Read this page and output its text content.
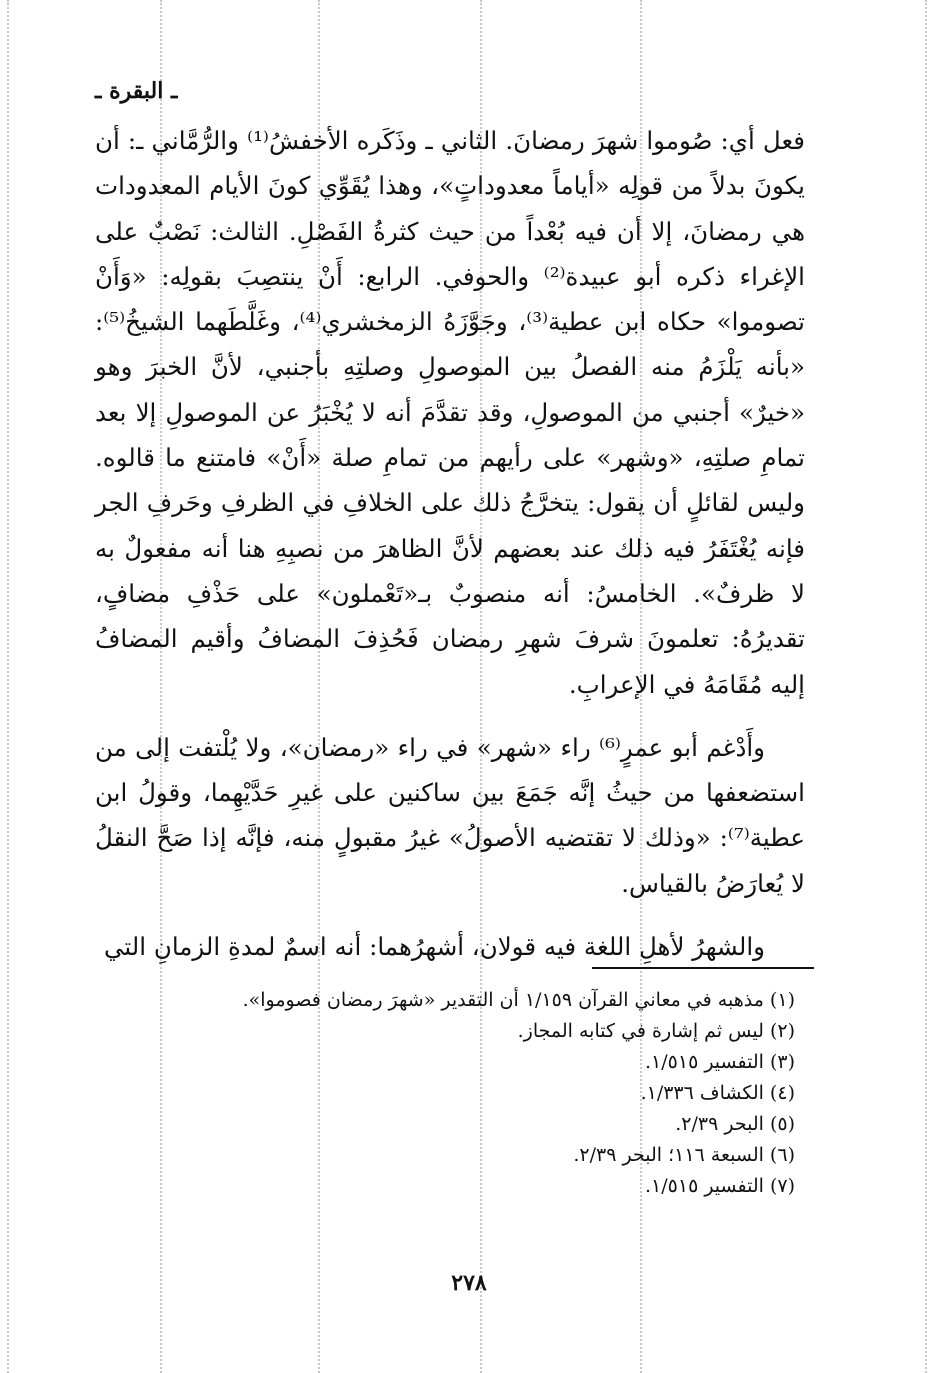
ـ البقرة ـ

فعل أي: صُوموا شهرَ رمضانَ. الثاني ـ وذَكَره الأخفشُ⁽¹⁾ والرُّمَّاني ـ: أن يكونَ بدلاً من قولِه «أياماً معدوداتٍ»، وهذا يُقَوِّي كونَ الأيام المعدودات هي رمضانَ، إلا أن فيه بُعْداً من حيث كثرةُ الفَصْلِ. الثالث: نَصْبٌ على الإغراء ذكره أبو عبيدة⁽²⁾ والحوفي. الرابع: أَنْ ينتصِبَ بقولِه: «وَأَنْ تصوموا» حكاه ابن عطية⁽³⁾، وجَوَّزَهُ الزمخشري⁽⁴⁾، وغَلَّطَهما الشيخُ⁽⁵⁾: «بأنه يَلْزَمُ منه الفصلُ بين الموصولِ وصلتِهِ بأجنبي، لأنَّ الخبرَ وهو «خيرٌ» أجنبي من الموصولِ، وقد تقدَّمَ أنه لا يُخْبَرُ عن الموصولِ إلا بعد تمامِ صلتِهِ، «وشهر» على رأيهم من تمامِ صلة «أَنْ» فامتنع ما قالوه. وليس لقائلٍ أن يقول: يتخرَّجُ ذلك على الخلافِ في الظرفِ وحَرفِ الجر فإنه يُغْتَفَرُ فيه ذلك عند بعضهم لأنَّ الظاهرَ من نصبِهِ هنا أنه مفعولٌ به لا ظرفٌ». الخامسُ: أنه منصوبٌ بـ«تَعْملون» على حَذْفِ مضافٍ، تقديرُهُ: تعلمونَ شرفَ شهرِ رمضان فَحُذِفَ المضافُ وأقيم المضافُ إليه مُقَامَهُ في الإعرابِ.

وأَدْغم أبو عمرٍ⁽⁶⁾ راء «شهر» في راء «رمضان»، ولا يُلْتفت إلى من استضعفها من حيثُ إنَّه جَمَعَ بين ساكنين على غيرِ حَدَّيْهِما، وقولُ ابن عطية⁽⁷⁾: «وذلك لا تقتضيه الأصولُ» غيرُ مقبولٍ منه، فإنَّه إذا صَحَّ النقلُ لا يُعارَضُ بالقياس.

والشهرُ لأهلِ اللغة فيه قولان، أشهرُهما: أنه اسمٌ لمدةِ الزمانِ التي

(١) مذهبه في معاني القرآن ١/١٥٩ أن التقدير «شهرَ رمضان فصوموا».
(٢) ليس ثم إشارة في كتابه المجاز.
(٣) التفسير ١/٥١٥.
(٤) الكشاف ١/٣٣٦.
(٥) البحر ٢/٣٩.
(٦) السبعة ١١٦؛ البحر ٢/٣٩.
(٧) التفسير ١/٥١٥.
٢٧٨
